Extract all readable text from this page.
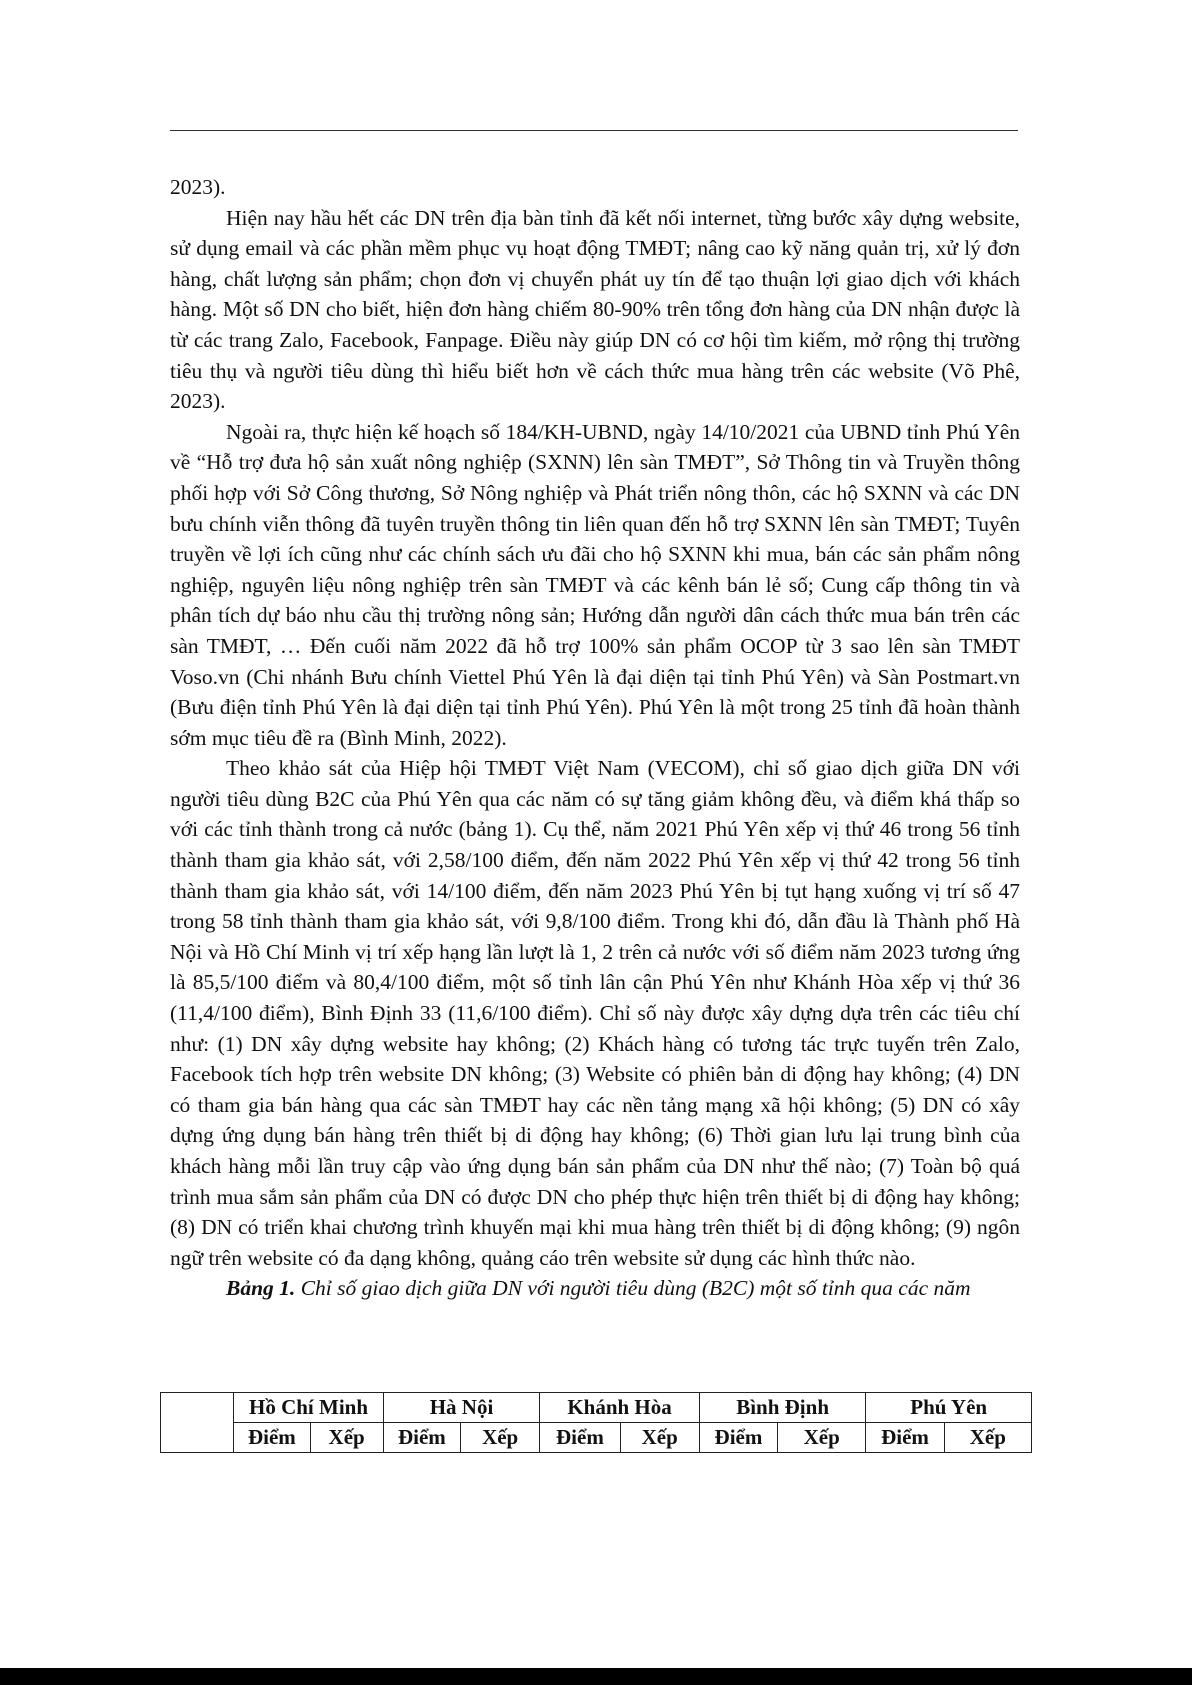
2023).

Hiện nay hầu hết các DN trên địa bàn tỉnh đã kết nối internet, từng bước xây dựng website, sử dụng email và các phần mềm phục vụ hoạt động TMĐT; nâng cao kỹ năng quản trị, xử lý đơn hàng, chất lượng sản phẩm; chọn đơn vị chuyển phát uy tín để tạo thuận lợi giao dịch với khách hàng. Một số DN cho biết, hiện đơn hàng chiếm 80-90% trên tổng đơn hàng của DN nhận được là từ các trang Zalo, Facebook, Fanpage. Điều này giúp DN có cơ hội tìm kiếm, mở rộng thị trường tiêu thụ và người tiêu dùng thì hiểu biết hơn về cách thức mua hàng trên các website (Võ Phê, 2023).

Ngoài ra, thực hiện kế hoạch số 184/KH-UBND, ngày 14/10/2021 của UBND tỉnh Phú Yên về “Hỗ trợ đưa hộ sản xuất nông nghiệp (SXNN) lên sàn TMĐT”, Sở Thông tin và Truyền thông phối hợp với Sở Công thương, Sở Nông nghiệp và Phát triển nông thôn, các hộ SXNN và các DN bưu chính viễn thông đã tuyên truyền thông tin liên quan đến hỗ trợ SXNN lên sàn TMĐT; Tuyên truyền về lợi ích cũng như các chính sách ưu đãi cho hộ SXNN khi mua, bán các sản phẩm nông nghiệp, nguyên liệu nông nghiệp trên sàn TMĐT và các kênh bán lẻ số; Cung cấp thông tin và phân tích dự báo nhu cầu thị trường nông sản; Hướng dẫn người dân cách thức mua bán trên các sàn TMĐT, … Đến cuối năm 2022 đã hỗ trợ 100% sản phẩm OCOP từ 3 sao lên sàn TMĐT Voso.vn (Chi nhánh Bưu chính Viettel Phú Yên là đại diện tại tỉnh Phú Yên) và Sàn Postmart.vn (Bưu điện tỉnh Phú Yên là đại diện tại tỉnh Phú Yên). Phú Yên là một trong 25 tỉnh đã hoàn thành sớm mục tiêu đề ra (Bình Minh, 2022).

Theo khảo sát của Hiệp hội TMĐT Việt Nam (VECOM), chỉ số giao dịch giữa DN với người tiêu dùng B2C của Phú Yên qua các năm có sự tăng giảm không đều, và điểm khá thấp so với các tỉnh thành trong cả nước (bảng 1). Cụ thể, năm 2021 Phú Yên xếp vị thứ 46 trong 56 tỉnh thành tham gia khảo sát, với 2,58/100 điểm, đến năm 2022 Phú Yên xếp vị thứ 42 trong 56 tỉnh thành tham gia khảo sát, với 14/100 điểm, đến năm 2023 Phú Yên bị tụt hạng xuống vị trí số 47 trong 58 tỉnh thành tham gia khảo sát, với 9,8/100 điểm. Trong khi đó, dẫn đầu là Thành phố Hà Nội và Hồ Chí Minh vị trí xếp hạng lần lượt là 1, 2 trên cả nước với số điểm năm 2023 tương ứng là 85,5/100 điểm và 80,4/100 điểm, một số tỉnh lân cận Phú Yên như Khánh Hòa xếp vị thứ 36 (11,4/100 điểm), Bình Định 33 (11,6/100 điểm). Chỉ số này được xây dựng dựa trên các tiêu chí như: (1) DN xây dựng website hay không; (2) Khách hàng có tương tác trực tuyến trên Zalo, Facebook tích hợp trên website DN không; (3) Website có phiên bản di động hay không; (4) DN có tham gia bán hàng qua các sàn TMĐT hay các nền tảng mạng xã hội không; (5) DN có xây dựng ứng dụng bán hàng trên thiết bị di động hay không; (6) Thời gian lưu lại trung bình của khách hàng mỗi lần truy cập vào ứng dụng bán sản phẩm của DN như thế nào; (7) Toàn bộ quá trình mua sắm sản phẩm của DN có được DN cho phép thực hiện trên thiết bị di động hay không; (8) DN có triển khai chương trình khuyến mại khi mua hàng trên thiết bị di động không; (9) ngôn ngữ trên website có đa dạng không, quảng cáo trên website sử dụng các hình thức nào.

Bảng 1. Chỉ số giao dịch giữa DN với người tiêu dùng (B2C) một số tỉnh qua các năm

	Hồ Chí Minh		Hà Nội		Khánh Hòa		Bình Định		Phú Yên	
	Điểm	Xếp	Điểm	Xếp	Điểm	Xếp	Điểm	Xếp	Điểm	Xếp
